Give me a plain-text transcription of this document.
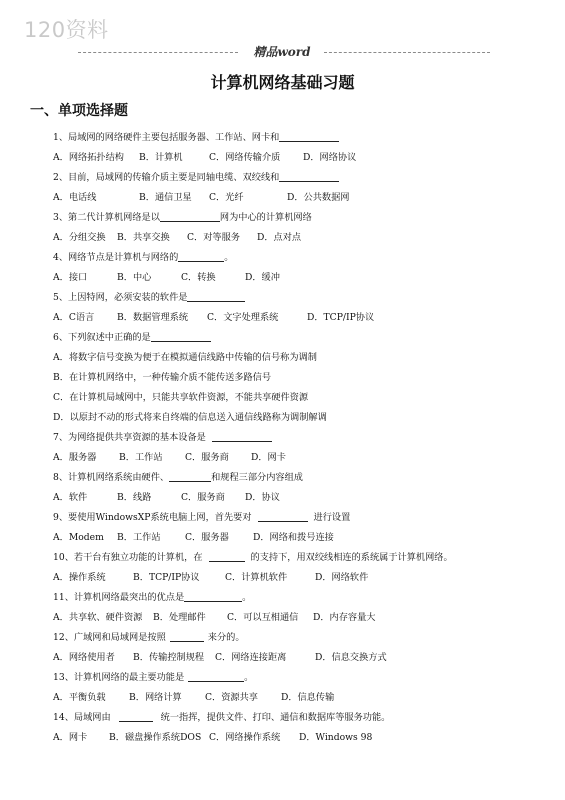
120资料
精品word
计算机网络基础习题
一、单项选择题
1、局域网的网络硬件主要包括服务器、工作站、网卡和
A．网络拓扑结构 B．计算机	C．网络传输介质 D．网络协议
2、目前，局域网的传输介质主要是同轴电缆、双绞线和
A．电话线	B．通信卫星 C．光纤	D．公共数据网
3、第二代计算机网络是以	网为中心的计算机网络
A．分组交换 B．共享交换 C．对等服务 D．点对点
4、网络节点是计算机与网络的	。
A．接口	B．中心	C．转换	D．缓冲
5、上因特网，必须安装的软件是
A．C语言 B．数据管理系统 C．文字处理系统	D．TCP/IP协议
6、下列叙述中正确的是
A．将数字信号变换为便于在模拟通信线路中传输的信号称为调制
B．在计算机网络中，一种传输介质不能传送多路信号
C．在计算机局域网中，只能共享软件资源，不能共享硬件资源
D．以原封不动的形式将来自终端的信息送入通信线路称为调制解调
7、为网络提供共享资源的基本设备是
A．服务器 B．工作站 C．服务商 D．网卡
8、计算机网络系统由硬件、	和规程三部分内容组成
A．软件	B．线路	C．服务商 D．协议
9、要使用WindowsXP系统电脑上网，首先要对	进行设置
A．Modem B．工作站	C．服务器	D．网络和拨号连接
10、若干台有独立功能的计算机，在	的支持下，用双绞线相连的系统属于计算机网络。
A．操作系统	B．TCP/IP协议	C．计算机软件	D．网络软件
11、计算机网络最突出的优点是	。
A．共享软、硬件资源 B．处理邮件 C．可以互相通信 D．内存容量大
12、广域网和局域网是按照	来分的。
A．网络使用者 B．传输控制规程 C．网络连接距离	D．信息交换方式
13、计算机网络的最主要功能是	。
A．平衡负载	B．网络计算	C．资源共享	D．信息传输
14、局域网由	统一指挥，提供文件、打印、通信和数据库等服务功能。
A．网卡 B．磁盘操作系统DOS C．网络操作系统 D．Windows 98
